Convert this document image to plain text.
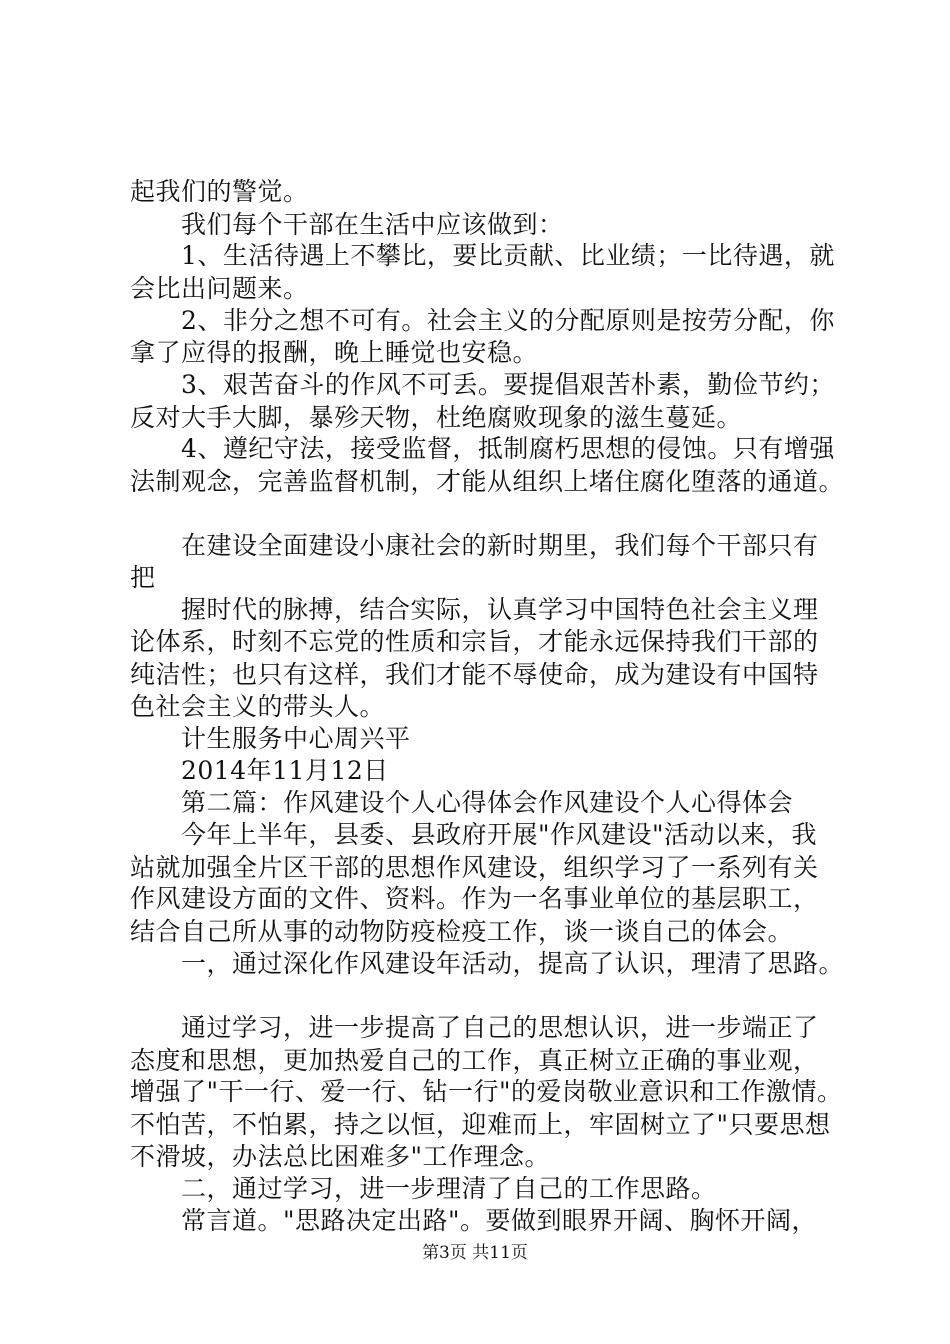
起我们的警觉。
　　我们每个干部在生活中应该做到：
　　1、生活待遇上不攀比，要比贡献、比业绩；一比待遇，就
会比出问题来。
　　2、非分之想不可有。社会主义的分配原则是按劳分配，你
拿了应得的报酬，晚上睡觉也安稳。
　　3、艰苦奋斗的作风不可丢。要提倡艰苦朴素，勤俭节约；
反对大手大脚，暴殄天物，杜绝腐败现象的滋生蔓延。
　　4、遵纪守法，接受监督，抵制腐朽思想的侵蚀。只有增强
法制观念，完善监督机制，才能从组织上堵住腐化堕落的通道。
　　在建设全面建设小康社会的新时期里，我们每个干部只有
把
　　握时代的脉搏，结合实际，认真学习中国特色社会主义理
论体系，时刻不忘党的性质和宗旨，才能永远保持我们干部的
纯洁性；也只有这样，我们才能不辱使命，成为建设有中国特
色社会主义的带头人。
　　计生服务中心周兴平
　　2014年11月12日
　　第二篇：作风建设个人心得体会作风建设个人心得体会
　　今年上半年，县委、县政府开展"作风建设"活动以来，我
站就加强全片区干部的思想作风建设，组织学习了一系列有关
作风建设方面的文件、资料。作为一名事业单位的基层职工，
结合自己所从事的动物防疫检疫工作，谈一谈自己的体会。
　　一，通过深化作风建设年活动，提高了认识，理清了思路。
　　通过学习，进一步提高了自己的思想认识，进一步端正了
态度和思想，更加热爱自己的工作，真正树立正确的事业观，
增强了"干一行、爱一行、钻一行"的爱岗敬业意识和工作激情。
不怕苦，不怕累，持之以恒，迎难而上，牢固树立了"只要思想
不滑坡，办法总比困难多"工作理念。
　　二，通过学习，进一步理清了自己的工作思路。
　　常言道。"思路决定出路"。要做到眼界开阔、胸怀开阔，
第3页 共11页
